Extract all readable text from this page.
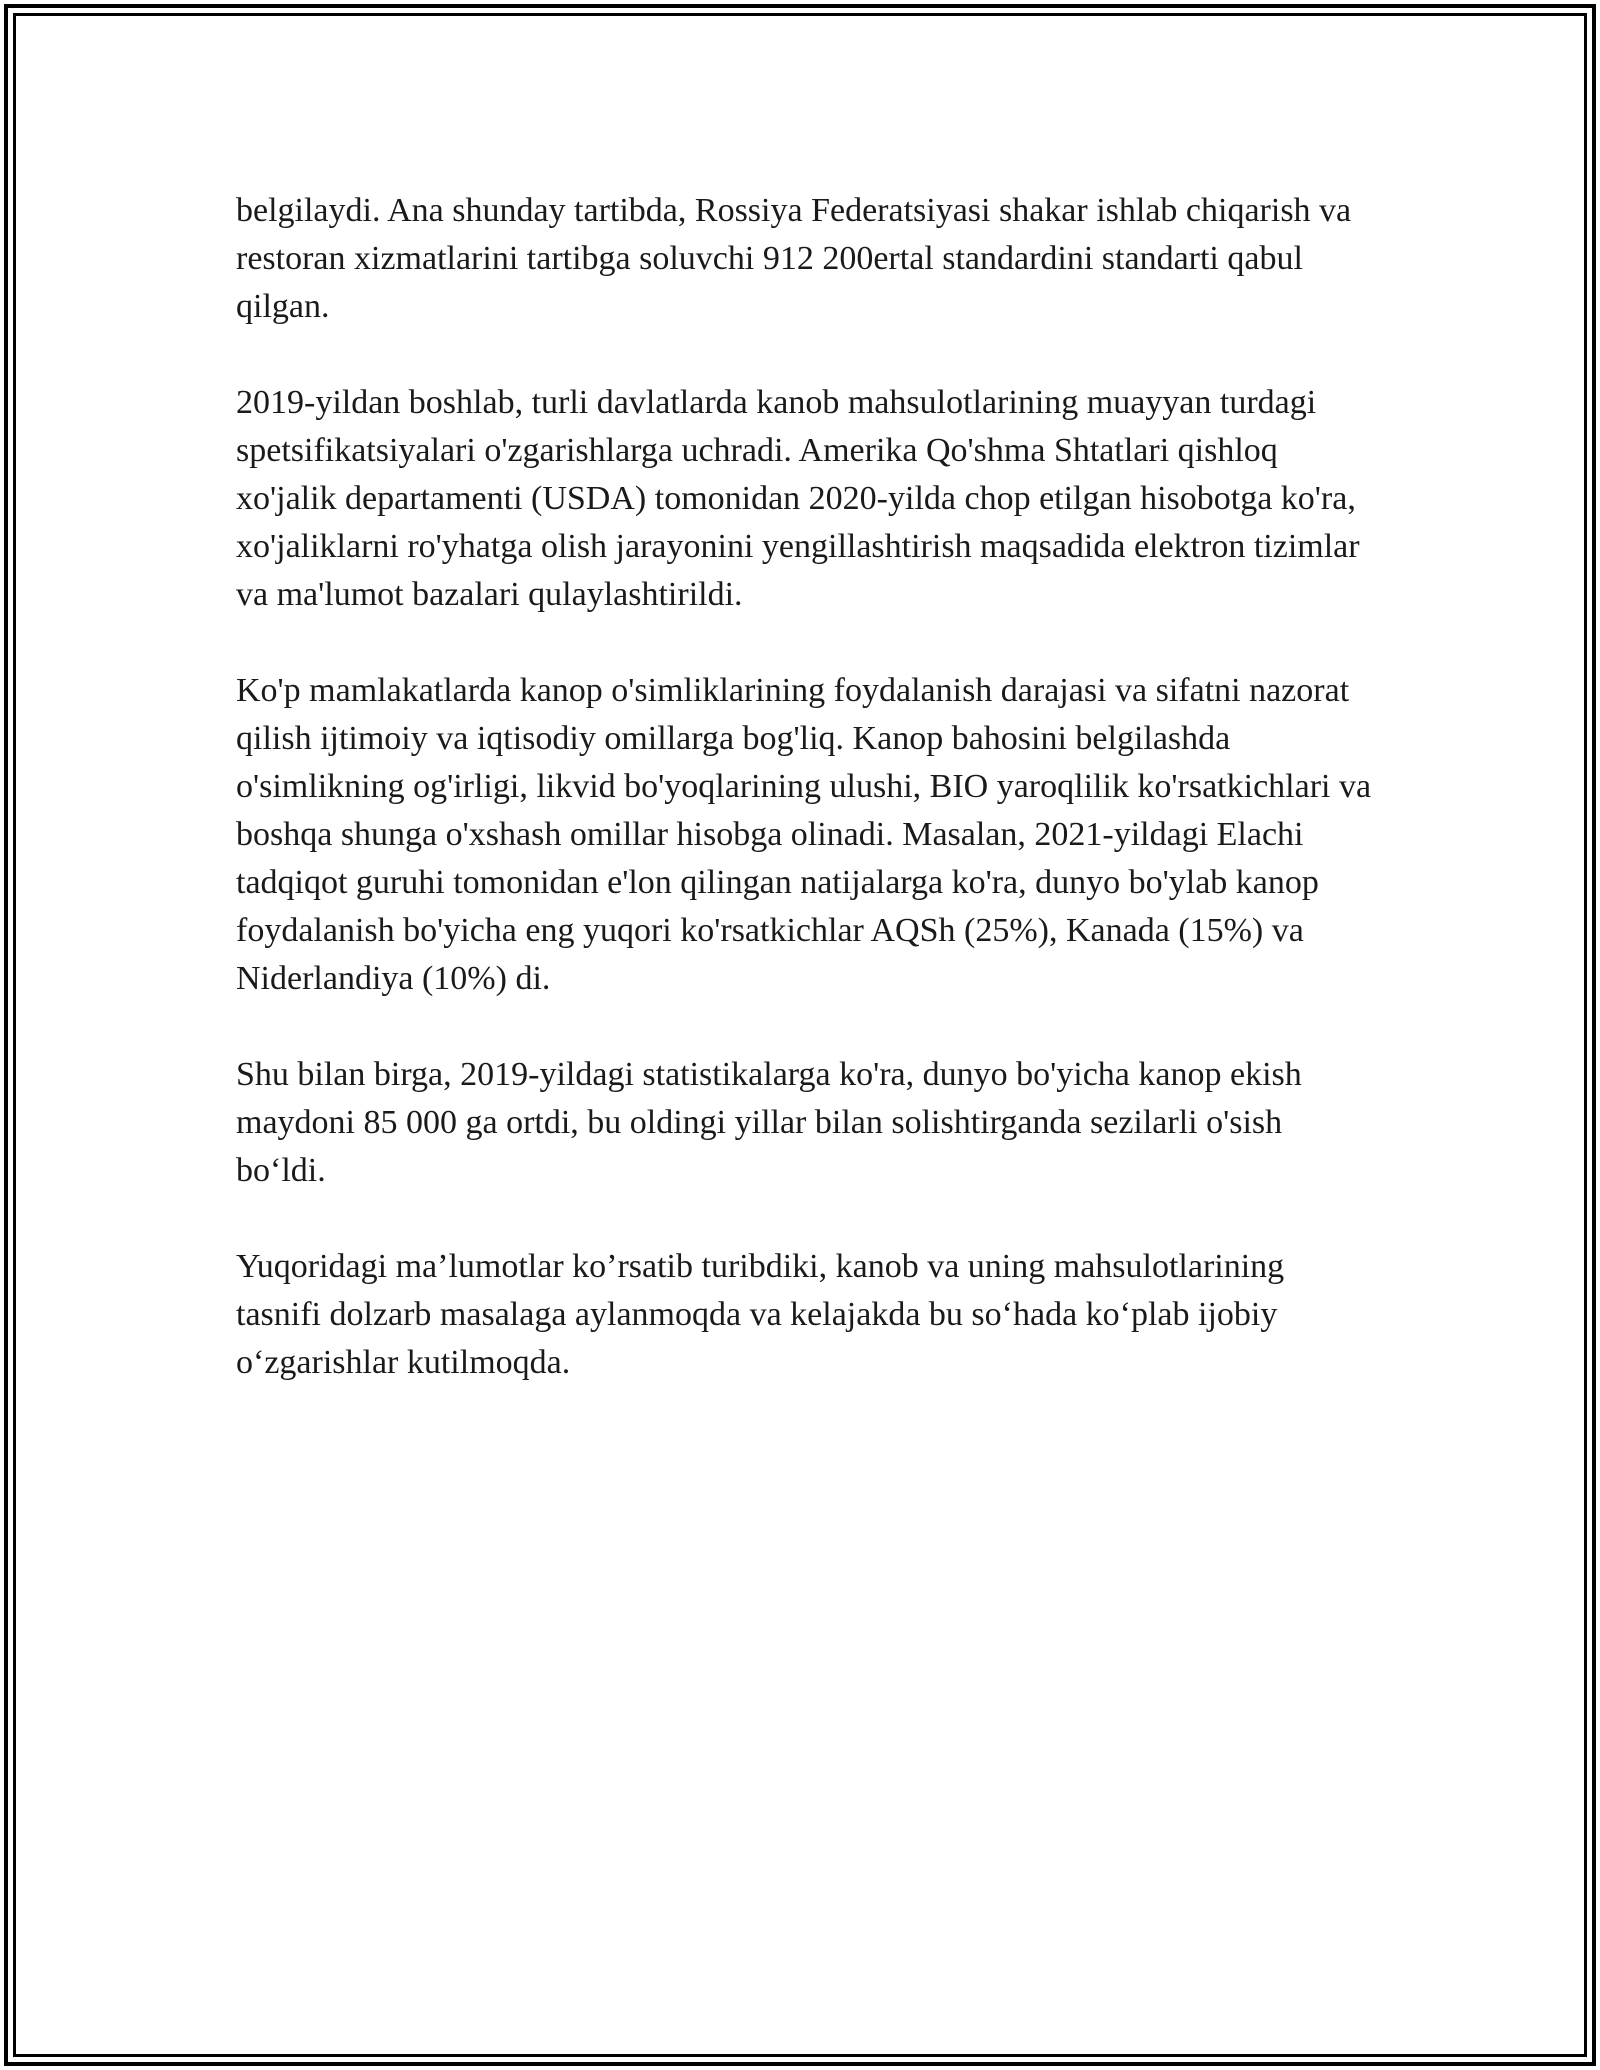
belgilaydi. Ana shunday tartibda, Rossiya Federatsiyasi shakar ishlab chiqarish va restoran xizmatlarini tartibga soluvchi 912 200ertal standardini standarti qabul qilgan.

2019-yildan boshlab, turli davlatlarda kanob mahsulotlarining muayyan turdagi spetsifikatsiyalari o'zgarishlarga uchradi. Amerika Qo'shma Shtatlari qishloq xo'jalik departamenti (USDA) tomonidan 2020-yilda chop etilgan hisobotga ko'ra, xo'jaliklarni ro'yhatga olish jarayonini yengillashtirish maqsadida elektron tizimlar va ma'lumot bazalari qulaylashtirildi.

Ko'p mamlakatlarda kanop o'simliklarining foydalanish darajasi va sifatni nazorat qilish ijtimoiy va iqtisodiy omillarga bog'liq. Kanop bahosini belgilashda o'simlikning og'irligi, likvid bo'yoqlarining ulushi, BIO yaroqlilik ko'rsatkichlari va boshqa shunga o'xshash omillar hisobga olinadi. Masalan, 2021-yildagi Elachi tadqiqot guruhi tomonidan e'lon qilingan natijalarga ko'ra, dunyo bo'ylab kanop foydalanish bo'yicha eng yuqori ko'rsatkichlar AQSh (25%), Kanada (15%) va Niderlandiya (10%) di.

Shu bilan birga, 2019-yildagi statistikalarga ko'ra, dunyo bo'yicha kanop ekish maydoni 85 000 ga ortdi, bu oldingi yillar bilan solishtirganda sezilarli o'sish bo‘ldi.

Yuqoridagi ma’lumotlar ko’rsatib turibdiki, kanob va uning mahsulotlarining tasnifi dolzarb masalaga aylanmoqda va kelajakda bu so‘hada ko‘plab ijobiy o‘zgarishlar kutilmoqda.
